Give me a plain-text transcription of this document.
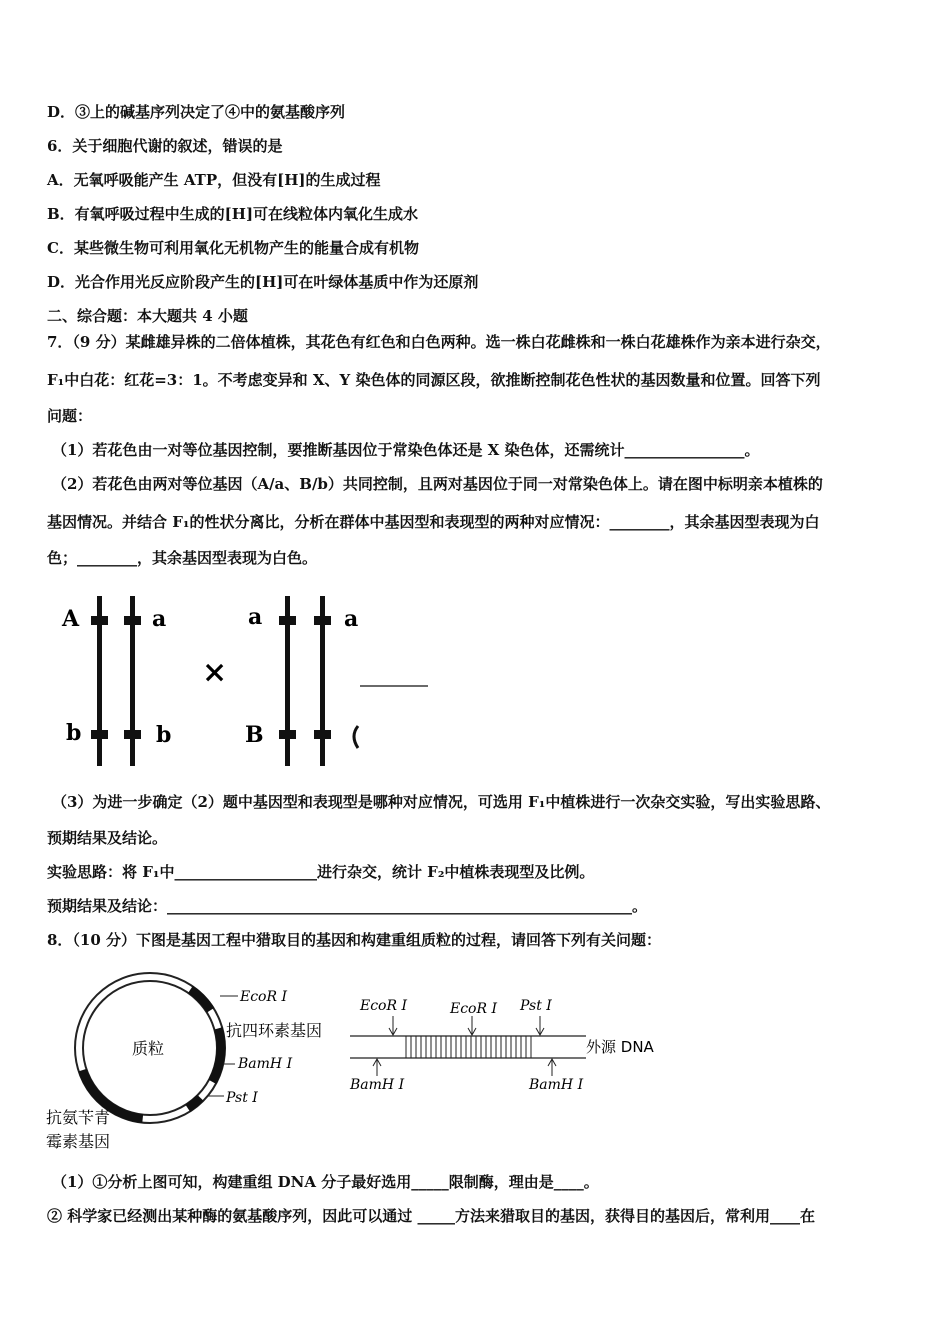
D．③上的碱基序列决定了④中的氨基酸序列
6．关于细胞代谢的叙述，错误的是
A．无氧呼吸能产生 ATP，但没有[H]的生成过程
B．有氧呼吸过程中生成的[H]可在线粒体内氧化生成水
C．某些微生物可利用氧化无机物产生的能量合成有机物
D．光合作用光反应阶段产生的[H]可在叶绿体基质中作为还原剂
二、综合题：本大题共 4 小题
7．（9 分）某雌雄异株的二倍体植株，其花色有红色和白色两种。选一株白花雌株和一株白花雄株作为亲本进行杂交，
F₁中白花：红花=3：1。不考虑变异和 X、Y 染色体的同源区段，欲推断控制花色性状的基因数量和位置。回答下列
问题：
（1）若花色由一对等位基因控制，要推断基因位于常染色体还是 X 染色体，还需统计________________。
（2）若花色由两对等位基因（A/a、B/b）共同控制，且两对基因位于同一对常染色体上。请在图中标明亲本植株的
基因情况。并结合 F₁的性状分离比，分析在群体中基因型和表现型的两种对应情况：________，其余基因型表现为白
色；________，其余基因型表现为白色。
A	a
b	b
×
a	a
B
（3）为进一步确定（2）题中基因型和表现型是哪种对应情况，可选用 F₁中植株进行一次杂交实验，写出实验思路、
预期结果及结论。
实验思路：将 F₁中___________________进行杂交，统计 F₂中植株表现型及比例。
预期结果及结论：______________________________________________________________。
8．（10 分）下图是基因工程中猎取目的基因和构建重组质粒的过程，请回答下列有关问题：
质粒
EcoR Ⅰ
抗四环素基因
BamH Ⅰ
Pst Ⅰ
抗氨苄青
霉素基因
EcoR Ⅰ	EcoR Ⅰ Pst Ⅰ
BamH Ⅰ	BamH Ⅰ
外源 DNA
（1）①分析上图可知，构建重组 DNA 分子最好选用_____限制酶，理由是____。
② 科学家已经测出某种酶的氨基酸序列，因此可以通过 _____方法来猎取目的基因，获得目的基因后，常利用____在
